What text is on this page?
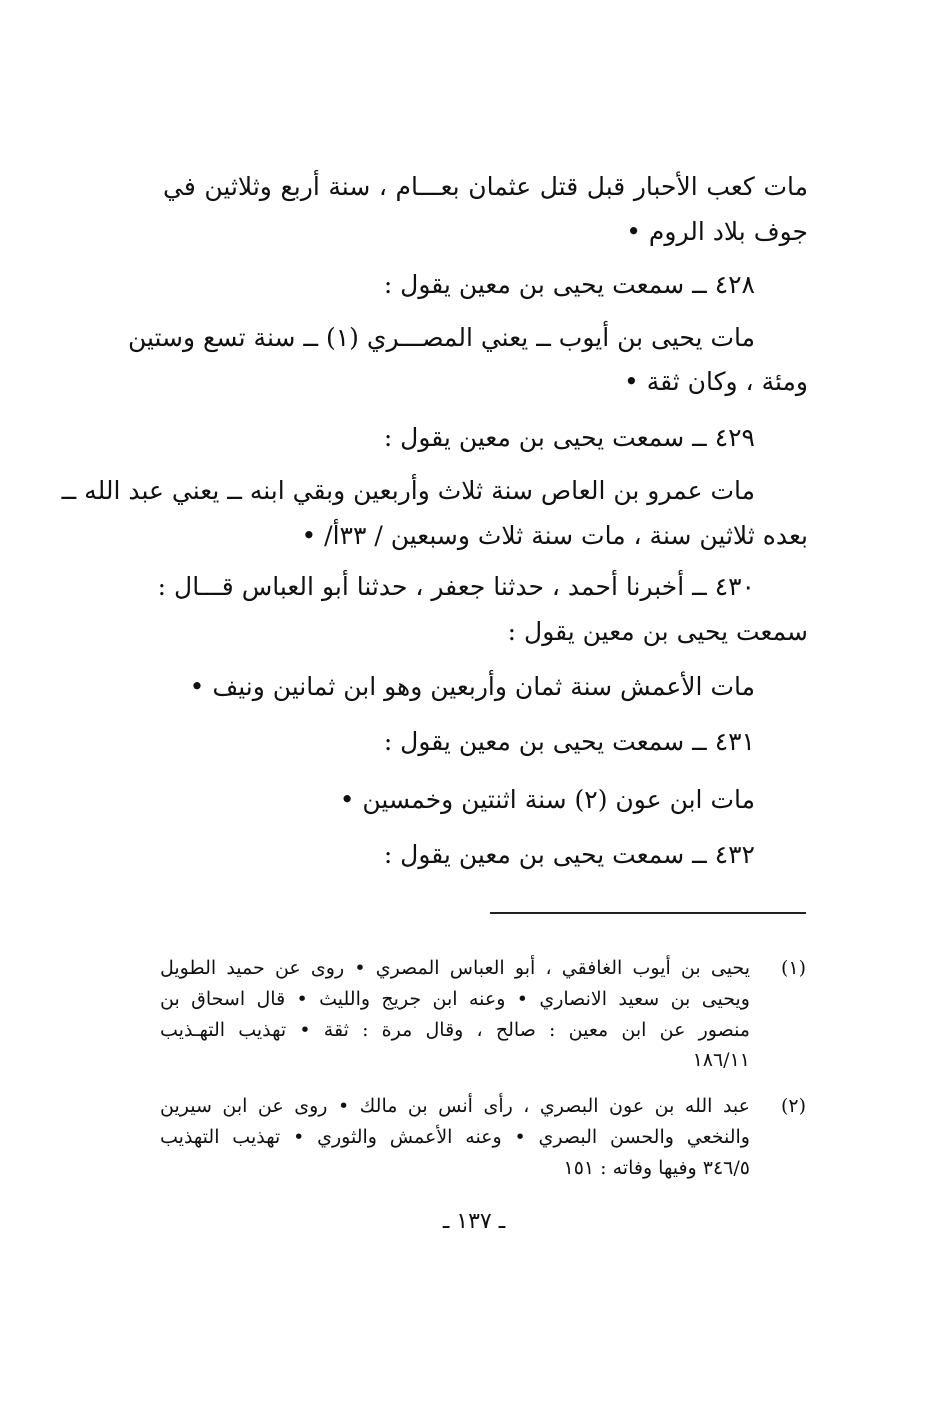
مات كعب الأحبار قبل قتل عثمان بعـــام ، سنة أربع وثلاثين في

جوف بلاد الروم •

٤٢٨ ــ سمعت يحيى بن معين يقول :

مات يحيى بن أيوب ــ يعني المصـــري (١) ــ سنة تسع وستين

ومئة ، وكان ثقة •

٤٢٩ ــ سمعت يحيى بن معين يقول :

مات عمرو بن العاص سنة ثلاث وأربعين وبقي ابنه ــ يعني عبد الله ــ

بعده ثلاثين سنة ، مات سنة ثلاث وسبعين / ٣٣أ/ •

٤٣٠ ــ أخبرنا أحمد ، حدثنا جعفر ، حدثنا أبو العباس قـــال :

سمعت يحيى بن معين يقول :

مات الأعمش سنة ثمان وأربعين وهو ابن ثمانين ونيف •

٤٣١ ــ سمعت يحيى بن معين يقول :

مات ابن عون (٢) سنة اثنتين وخمسين •

٤٣٢ ــ سمعت يحيى بن معين يقول :

(١)

يحيى بن أيوب الغافقي ، أبو العباس المصري • روى عن حميد الطويل

ويحيى بن سعيد الانصاري • وعنه ابن جريج والليث • قال اسحاق بن

منصور عن ابن معين : صالح ، وقال مرة : ثقة • تهذيب التهـذيب

١٨٦/١١

(٢)

عبد الله بن عون البصري ، رأى أنس بن مالك • روى عن ابن سيرين

والنخعي والحسن البصري • وعنه الأعمش والثوري • تهذيب التهذيب

٣٤٦/٥ وفيها وفاته : ١٥١

ـ ١٣٧ ـ
